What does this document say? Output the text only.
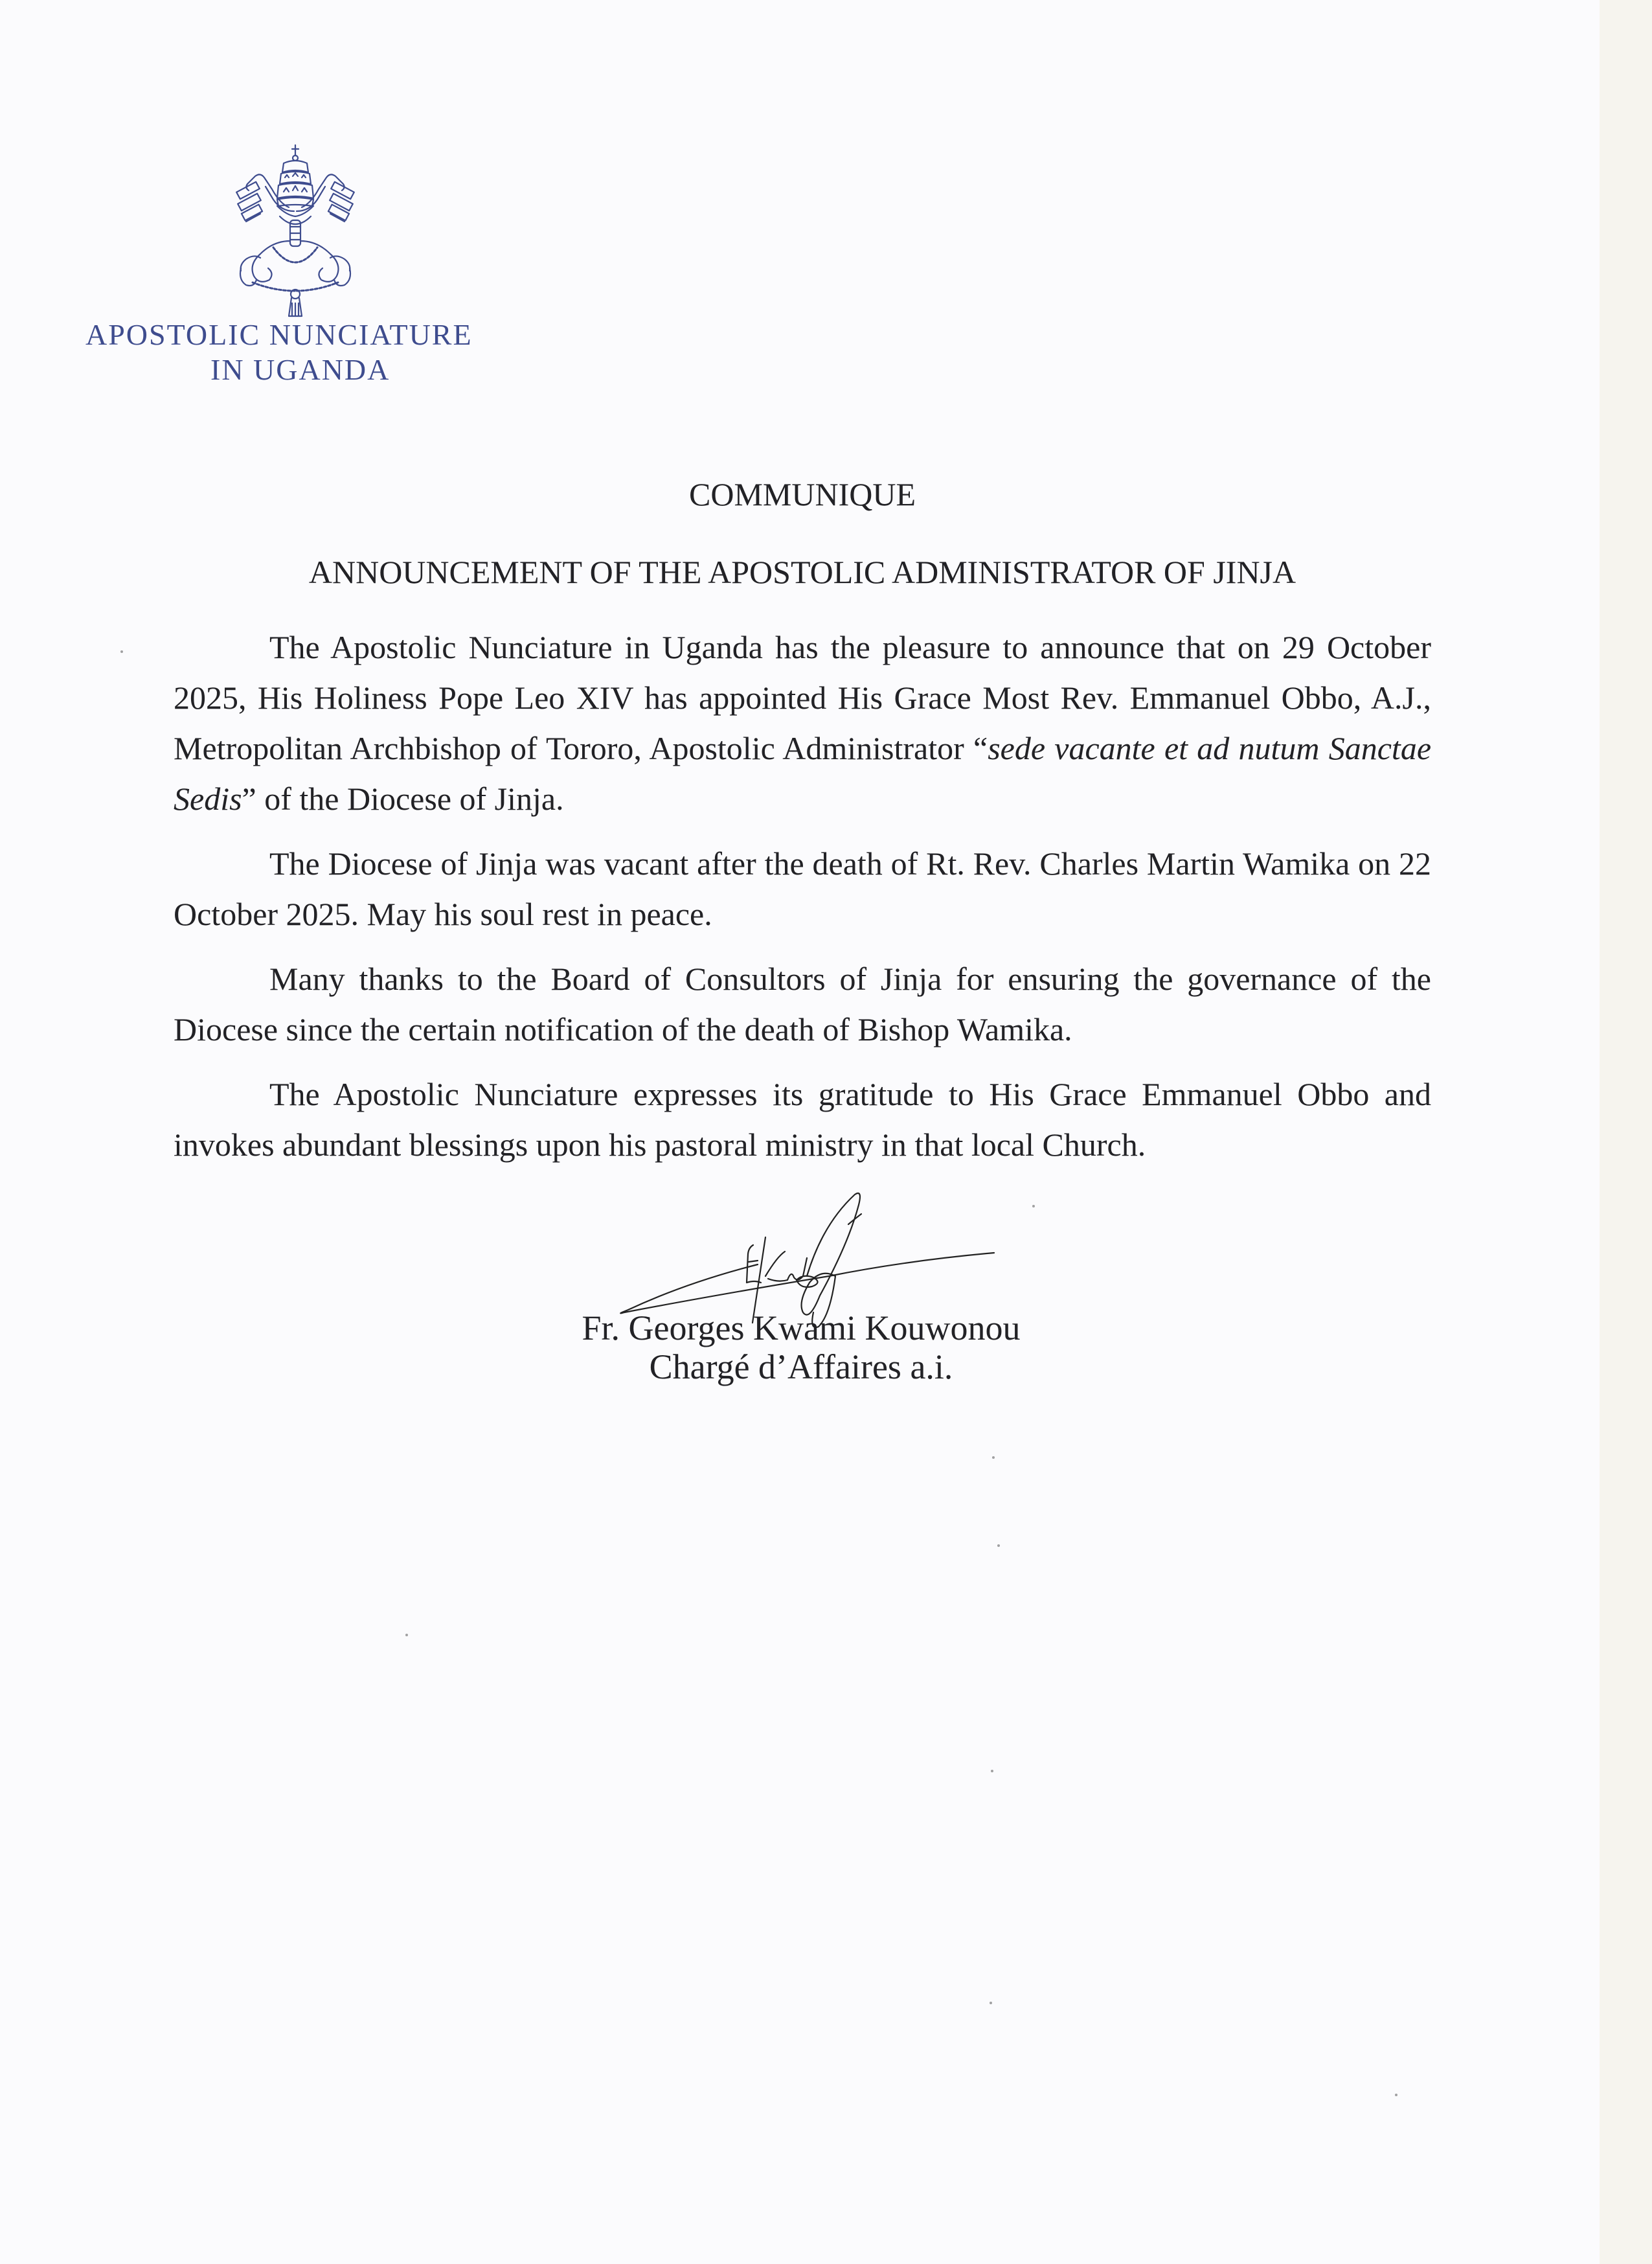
APOSTOLIC NUNCIATURE
IN UGANDA
COMMUNIQUE
ANNOUNCEMENT OF THE APOSTOLIC ADMINISTRATOR OF JINJA

The Apostolic Nunciature in Uganda has the pleasure to announce that on 29 October 2025, His Holiness Pope Leo XIV has appointed His Grace Most Rev. Emmanuel Obbo, A.J., Metropolitan Archbishop of Tororo, Apostolic Administrator “sede vacante et ad nutum Sanctae Sedis” of the Diocese of Jinja.

The Diocese of Jinja was vacant after the death of Rt. Rev. Charles Martin Wamika on 22 October 2025. May his soul rest in peace.

Many thanks to the Board of Consultors of Jinja for ensuring the governance of the Diocese since the certain notification of the death of Bishop Wamika.

The Apostolic Nunciature expresses its gratitude to His Grace Emmanuel Obbo and invokes abundant blessings upon his pastoral ministry in that local Church.

Fr. Georges Kwami Kouwonou
Chargé d’Affaires a.i.
